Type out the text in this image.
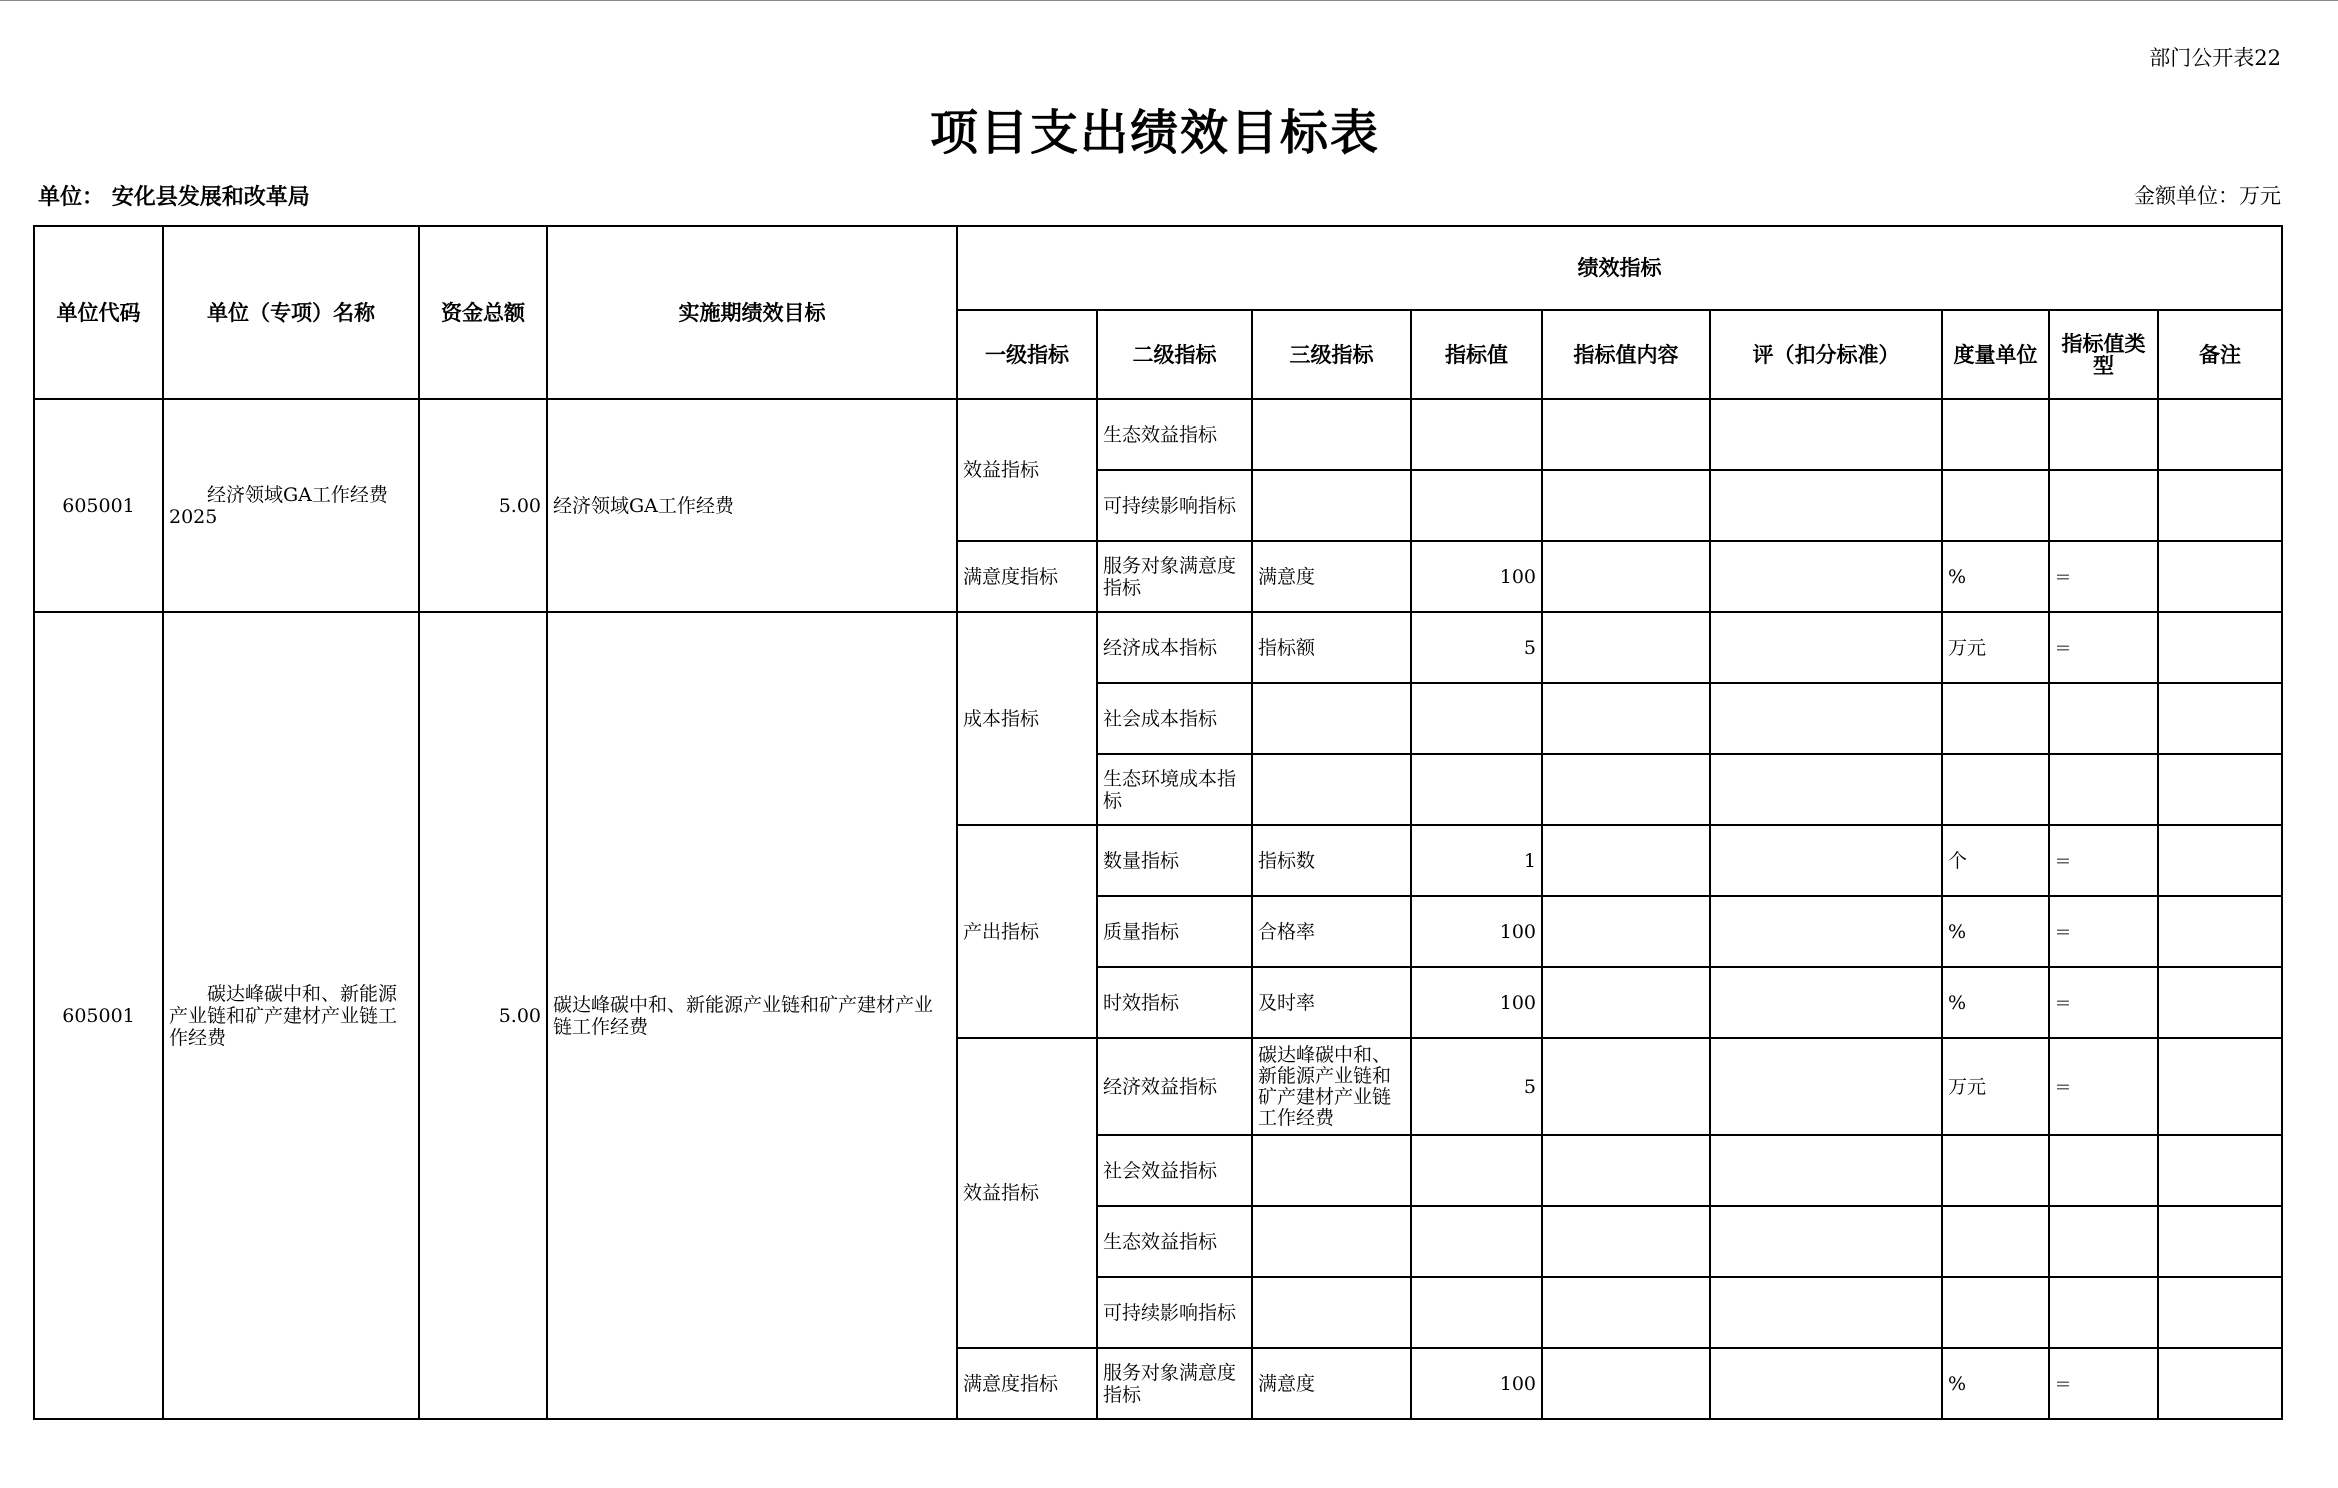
部门公开表22
项目支出绩效目标表
单位： 安化县发展和改革局	金额单位：万元
单位代码	单位（专项）名称	资金总额	实施期绩效目标	绩效指标								
				一级指标	二级指标	三级指标	指标值	指标值内容	评（扣分标准）	度量单位	指标值类型	备注
605001	经济领域GA工作经费2025	5.00	经济领域GA工作经费	效益指标	生态效益指标							
					可持续影响指标							
				满意度指标	服务对象满意度指标	满意度	100			%	=	
605001	碳达峰碳中和、新能源产业链和矿产建材产业链工作经费	5.00	碳达峰碳中和、新能源产业链和矿产建材产业链工作经费	成本指标	经济成本指标	指标额	5			万元	=	
					社会成本指标							
					生态环境成本指标							
				产出指标	数量指标	指标数	1			个	=	
					质量指标	合格率	100			%	=	
					时效指标	及时率	100			%	=	
				效益指标	经济效益指标	碳达峰碳中和、新能源产业链和矿产建材产业链工作经费	5			万元	=	
					社会效益指标							
					生态效益指标							
					可持续影响指标							
				满意度指标	服务对象满意度指标	满意度	100			%	=	
